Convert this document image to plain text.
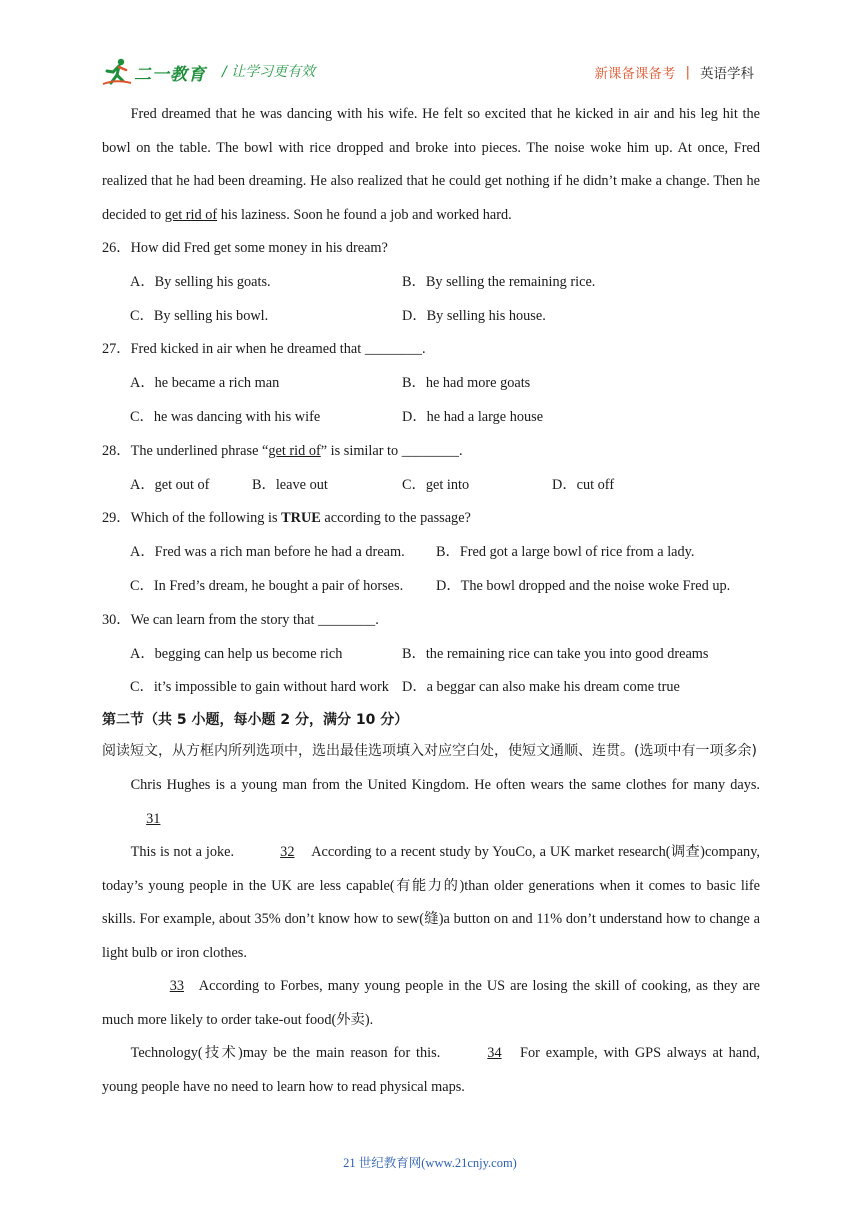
二一教育 / 让学习更有效	新课备课备考 | 英语学科

Fred dreamed that he was dancing with his wife. He felt so excited that he kicked in air and his leg hit the bowl on the table. The bowl with rice dropped and broke into pieces. The noise woke him up. At once, Fred realized that he had been dreaming. He also realized that he could get nothing if he didn’t make a change. Then he decided to get rid of his laziness. Soon he found a job and worked hard.

26．How did Fred get some money in his dream?
A．By selling his goats.	B．By selling the remaining rice.
C．By selling his bowl.	D．By selling his house.
27．Fred kicked in air when he dreamed that ________.
A．he became a rich man	B．he had more goats
C．he was dancing with his wife	D．he had a large house
28．The underlined phrase “get rid of” is similar to ________.
A．get out of	B．leave out	C．get into	D．cut off
29．Which of the following is TRUE according to the passage?
A．Fred was a rich man before he had a dream. B．Fred got a large bowl of rice from a lady.
C．In Fred’s dream, he bought a pair of horses. D．The bowl dropped and the noise woke Fred up.
30．We can learn from the story that ________.
A．begging can help us become rich	B．the remaining rice can take you into good dreams
C．it’s impossible to gain without hard work D．a beggar can also make his dream come true
第二节（共 5 小题，每小题 2 分，满分 10 分）

阅读短文，从方框内所列选项中，选出最佳选项填入对应空白处，使短文通顺、连贯。(选项中有一项多余)

Chris Hughes is a young man from the United Kingdom. He often wears the same clothes for many days. 31

This is not a joke.	32 According to a recent study by YouCo, a UK market research(调查)company, today’s young people in the UK are less capable(有能力的)than older generations when it comes to basic life skills. For example, about 35% don’t know how to sew(缝)a button on and 11% don’t understand how to change a light bulb or iron clothes.

33 According to Forbes, many young people in the US are losing the skill of cooking, as they are much more likely to order take-out food(外卖).

Technology(技术)may be the main reason for this.	34 For example, with GPS always at hand, young people have no need to learn how to read physical maps.

21 世纪教育网(www.21cnjy.com)
